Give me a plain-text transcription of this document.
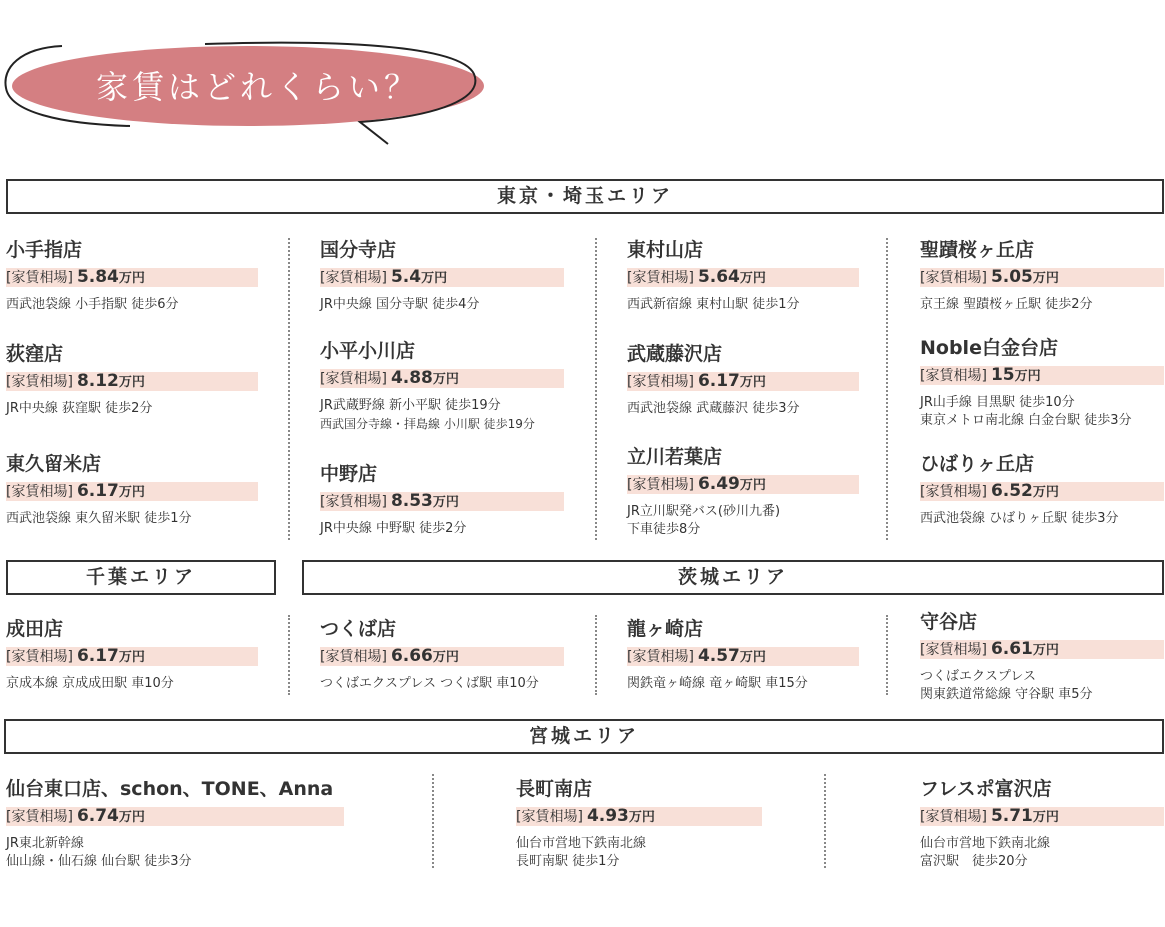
家賃はどれくらい？
東京・埼玉エリア
千葉エリア	茨城エリア
宮城エリア
小手指店
[家賃相場] 5.84万円
西武池袋線 小手指駅 徒歩6分
国分寺店
[家賃相場] 5.4万円
JR中央線 国分寺駅 徒歩4分
東村山店
[家賃相場] 5.64万円
西武新宿線 東村山駅 徒歩1分
聖蹟桜ヶ丘店
[家賃相場] 5.05万円
京王線 聖蹟桜ヶ丘駅 徒歩2分
荻窪店
[家賃相場] 8.12万円
JR中央線 荻窪駅 徒歩2分
小平小川店
[家賃相場] 4.88万円
JR武蔵野線 新小平駅 徒歩19分
西武国分寺線・拝島線 小川駅 徒歩19分
武蔵藤沢店
[家賃相場] 6.17万円
西武池袋線 武蔵藤沢 徒歩3分
Noble白金台店
[家賃相場] 15万円
JR山手線 目黒駅 徒歩10分
東京メトロ南北線 白金台駅 徒歩3分
東久留米店
[家賃相場] 6.17万円
西武池袋線 東久留米駅 徒歩1分
中野店
[家賃相場] 8.53万円
JR中央線 中野駅 徒歩2分
立川若葉店
[家賃相場] 6.49万円
JR立川駅発バス(砂川九番)
下車徒歩8分
ひばりヶ丘店
[家賃相場] 6.52万円
西武池袋線 ひばりヶ丘駅 徒歩3分
成田店
[家賃相場] 6.17万円
京成本線 京成成田駅 車10分
つくば店
[家賃相場] 6.66万円
つくばエクスプレス つくば駅 車10分
龍ヶ崎店
[家賃相場] 4.57万円
関鉄竜ヶ崎線 竜ヶ崎駅 車15分
守谷店
[家賃相場] 6.61万円
つくばエクスプレス
関東鉄道常総線 守谷駅 車5分
仙台東口店、schon、TONE、Anna
[家賃相場] 6.74万円
JR東北新幹線
仙山線・仙石線 仙台駅 徒歩3分
長町南店
[家賃相場] 4.93万円
仙台市営地下鉄南北線
長町南駅 徒歩1分
フレスポ富沢店
[家賃相場] 5.71万円
仙台市営地下鉄南北線
富沢駅　徒歩20分
